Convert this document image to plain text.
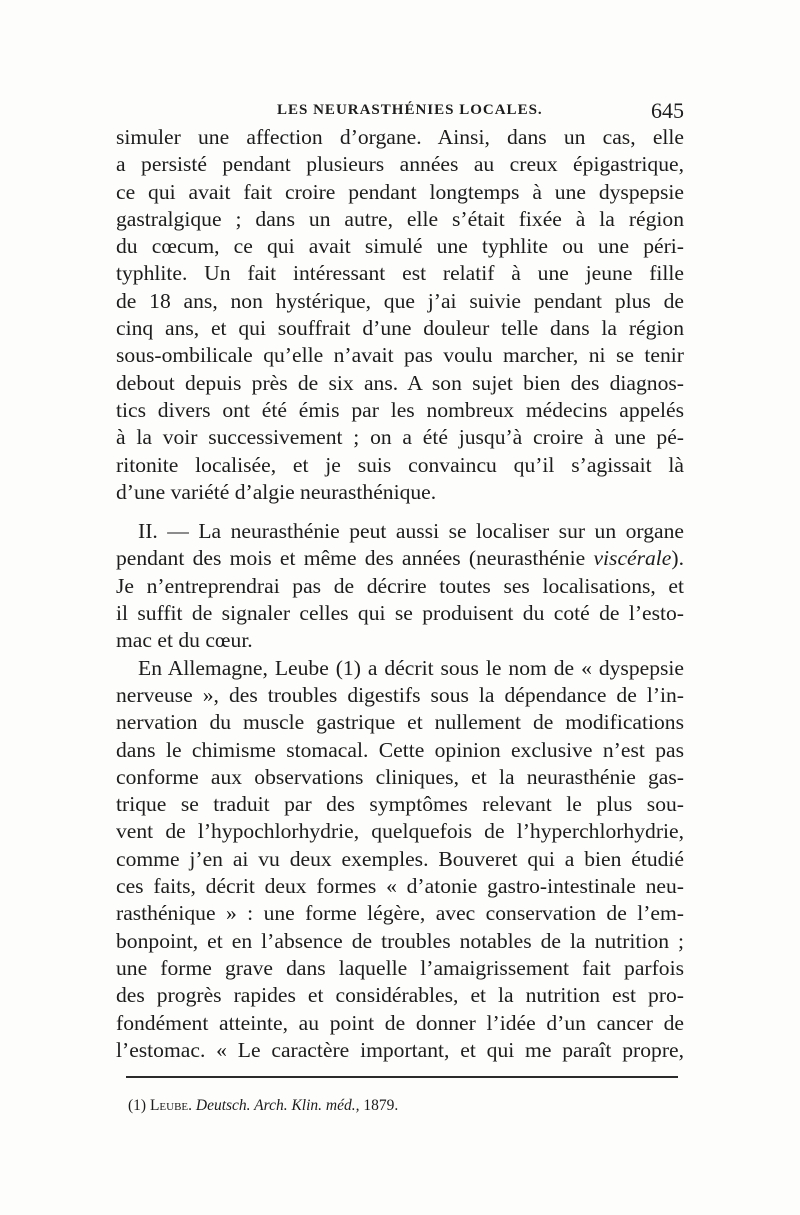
LES NEURASTHÉNIES LOCALES.	645
simuler une affection d’organe. Ainsi, dans un cas, elle
a persisté pendant plusieurs années au creux épigastrique,
ce qui avait fait croire pendant longtemps à une dyspepsie
gastralgique ; dans un autre, elle s’était fixée à la région
du cœcum, ce qui avait simulé une typhlite ou une péri-
typhlite. Un fait intéressant est relatif à une jeune fille
de 18 ans, non hystérique, que j’ai suivie pendant plus de
cinq ans, et qui souffrait d’une douleur telle dans la région
sous-ombilicale qu’elle n’avait pas voulu marcher, ni se tenir
debout depuis près de six ans. A son sujet bien des diagnos-
tics divers ont été émis par les nombreux médecins appelés
à la voir successivement ; on a été jusqu’à croire à une pé-
ritonite localisée, et je suis convaincu qu’il s’agissait là
d’une variété d’algie neurasthénique.
II. — La neurasthénie peut aussi se localiser sur un organe
pendant des mois et même des années (neurasthénie viscérale).
Je n’entreprendrai pas de décrire toutes ses localisations, et
il suffit de signaler celles qui se produisent du coté de l’esto-
mac et du cœur.
En Allemagne, Leube (1) a décrit sous le nom de « dyspepsie
nerveuse », des troubles digestifs sous la dépendance de l’in-
nervation du muscle gastrique et nullement de modifications
dans le chimisme stomacal. Cette opinion exclusive n’est pas
conforme aux observations cliniques, et la neurasthénie gas-
trique se traduit par des symptômes relevant le plus sou-
vent de l’hypochlorhydrie, quelquefois de l’hyperchlorhydrie,
comme j’en ai vu deux exemples. Bouveret qui a bien étudié
ces faits, décrit deux formes « d’atonie gastro-intestinale neu-
rasthénique » : une forme légère, avec conservation de l’em-
bonpoint, et en l’absence de troubles notables de la nutrition ;
une forme grave dans laquelle l’amaigrissement fait parfois
des progrès rapides et considérables, et la nutrition est pro-
fondément atteinte, au point de donner l’idée d’un cancer de
l’estomac. « Le caractère important, et qui me paraît propre,
(1) Leube. Deutsch. Arch. Klin. méd., 1879.
